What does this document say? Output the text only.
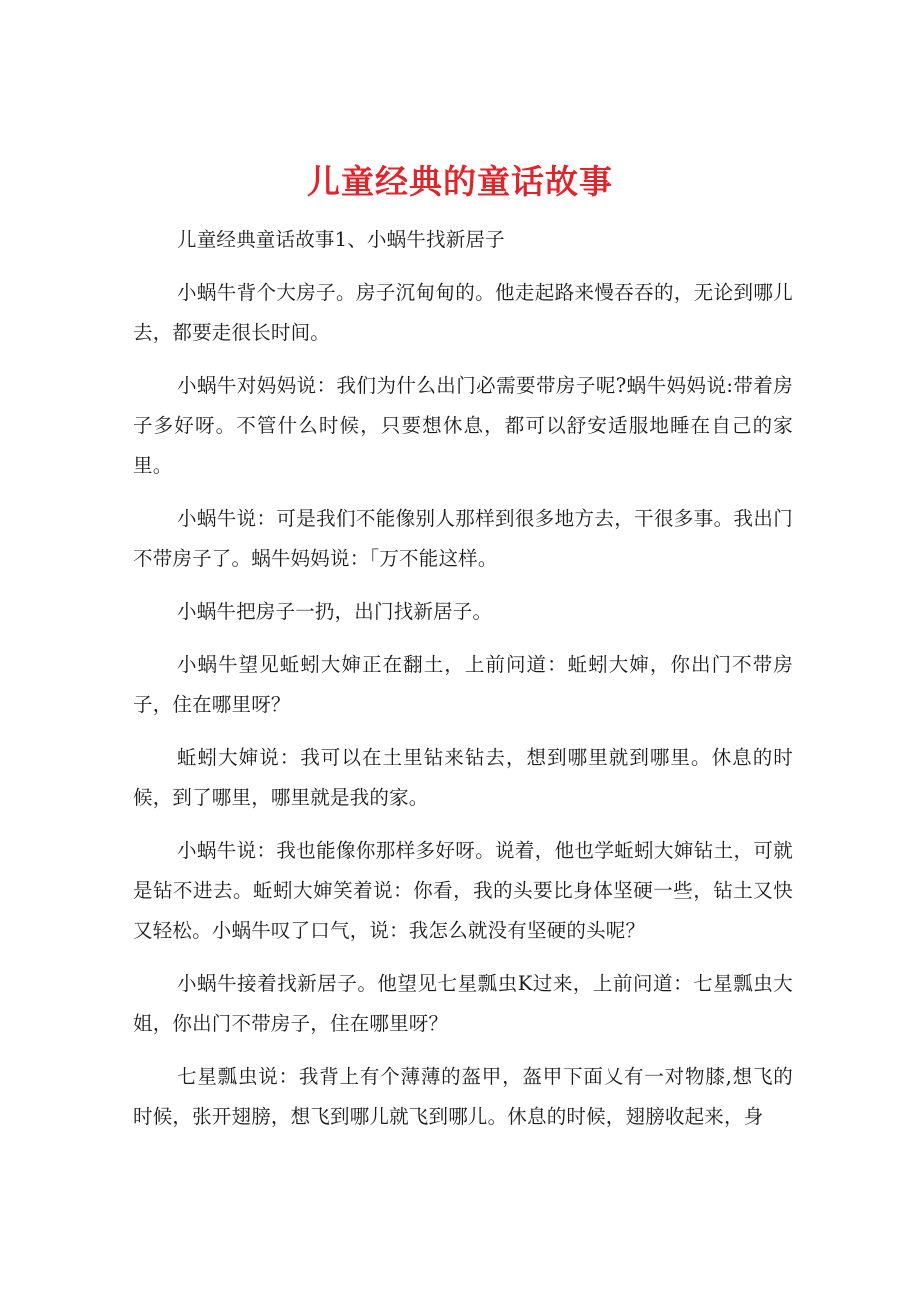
儿童经典的童话故事

儿童经典童话故事1、小蜗牛找新居子

小蜗牛背个大房子。房子沉甸甸的。他走起路来慢吞吞的，无论到哪儿去，都要走很长时间。

小蜗牛对妈妈说：我们为什么出门必需要带房子呢?蜗牛妈妈说:带着房子多好呀。不管什么时候，只要想休息，都可以舒安适服地睡在自己的家里。

小蜗牛说：可是我们不能像别人那样到很多地方去，干很多事。我出门不带房子了。蜗牛妈妈说：「万不能这样。

小蜗牛把房子一扔，出门找新居子。

小蜗牛望见蚯蚓大婶正在翻土，上前问道：蚯蚓大婶，你出门不带房子，住在哪里呀？

蚯蚓大婶说：我可以在土里钻来钻去，想到哪里就到哪里。休息的时候，到了哪里，哪里就是我的家。

小蜗牛说：我也能像你那样多好呀。说着，他也学蚯蚓大婶钻土，可就是钻不进去。蚯蚓大婶笑着说：你看，我的头要比身体坚硬一些，钻土又快又轻松。小蜗牛叹了口气，说：我怎么就没有坚硬的头呢？

小蜗牛接着找新居子。他望见七星瓢虫K过来，上前问道：七星瓢虫大姐，你出门不带房子，住在哪里呀？

七星瓢虫说：我背上有个薄薄的盔甲，盔甲下面乂有一对物膝,想飞的时候，张开翅膀，想飞到哪儿就飞到哪儿。休息的时候，翅膀收起来，身
